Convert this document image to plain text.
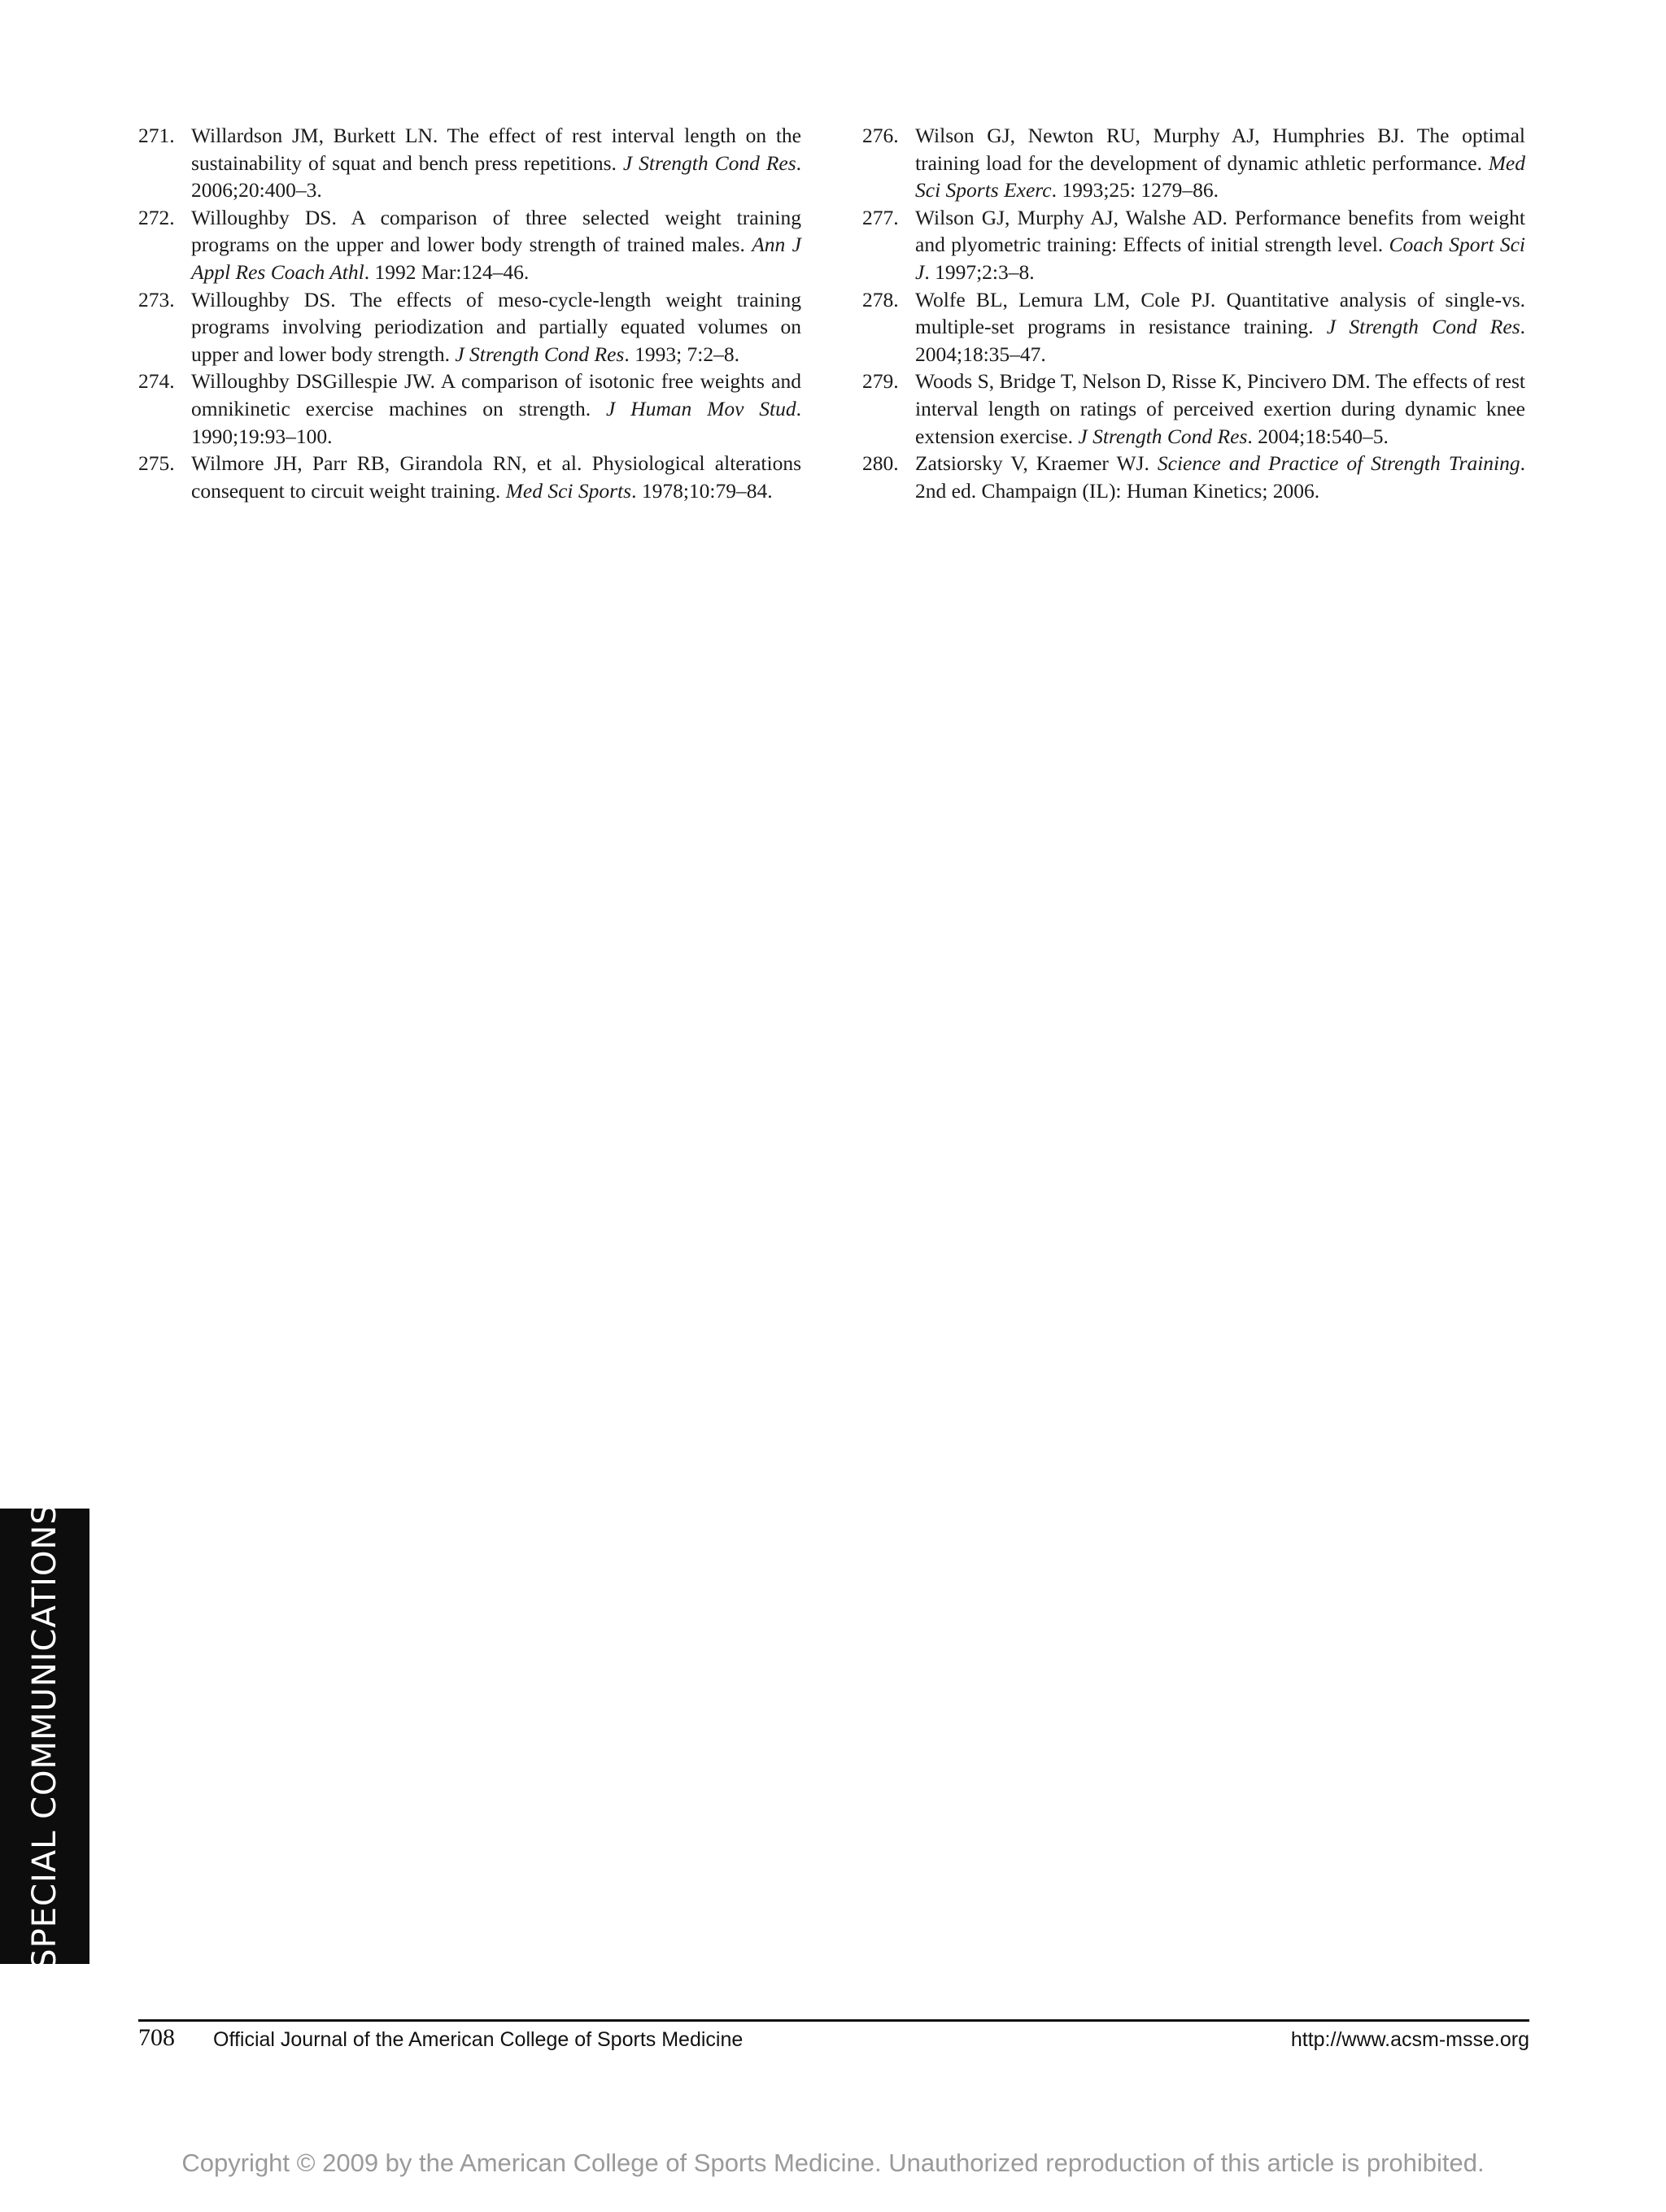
271. Willardson JM, Burkett LN. The effect of rest interval length on the sustainability of squat and bench press repetitions. J Strength Cond Res. 2006;20:400–3.
272. Willoughby DS. A comparison of three selected weight training programs on the upper and lower body strength of trained males. Ann J Appl Res Coach Athl. 1992 Mar:124–46.
273. Willoughby DS. The effects of meso-cycle-length weight training programs involving periodization and partially equated volumes on upper and lower body strength. J Strength Cond Res. 1993; 7:2–8.
274. Willoughby DSGillespie JW. A comparison of isotonic free weights and omnikinetic exercise machines on strength. J Human Mov Stud. 1990;19:93–100.
275. Wilmore JH, Parr RB, Girandola RN, et al. Physiological alterations consequent to circuit weight training. Med Sci Sports. 1978;10:79–84.
276. Wilson GJ, Newton RU, Murphy AJ, Humphries BJ. The optimal training load for the development of dynamic athletic performance. Med Sci Sports Exerc. 1993;25: 1279–86.
277. Wilson GJ, Murphy AJ, Walshe AD. Performance benefits from weight and plyometric training: Effects of initial strength level. Coach Sport Sci J. 1997;2:3–8.
278. Wolfe BL, Lemura LM, Cole PJ. Quantitative analysis of single-vs. multiple-set programs in resistance training. J Strength Cond Res. 2004;18:35–47.
279. Woods S, Bridge T, Nelson D, Risse K, Pincivero DM. The effects of rest interval length on ratings of perceived exertion during dynamic knee extension exercise. J Strength Cond Res. 2004;18:540–5.
280. Zatsiorsky V, Kraemer WJ. Science and Practice of Strength Training. 2nd ed. Champaign (IL): Human Kinetics; 2006.
SPECIAL COMMUNICATIONS
708 Official Journal of the American College of Sports Medicine	http://www.acsm-msse.org
Copyright © 2009 by the American College of Sports Medicine. Unauthorized reproduction of this article is prohibited.
